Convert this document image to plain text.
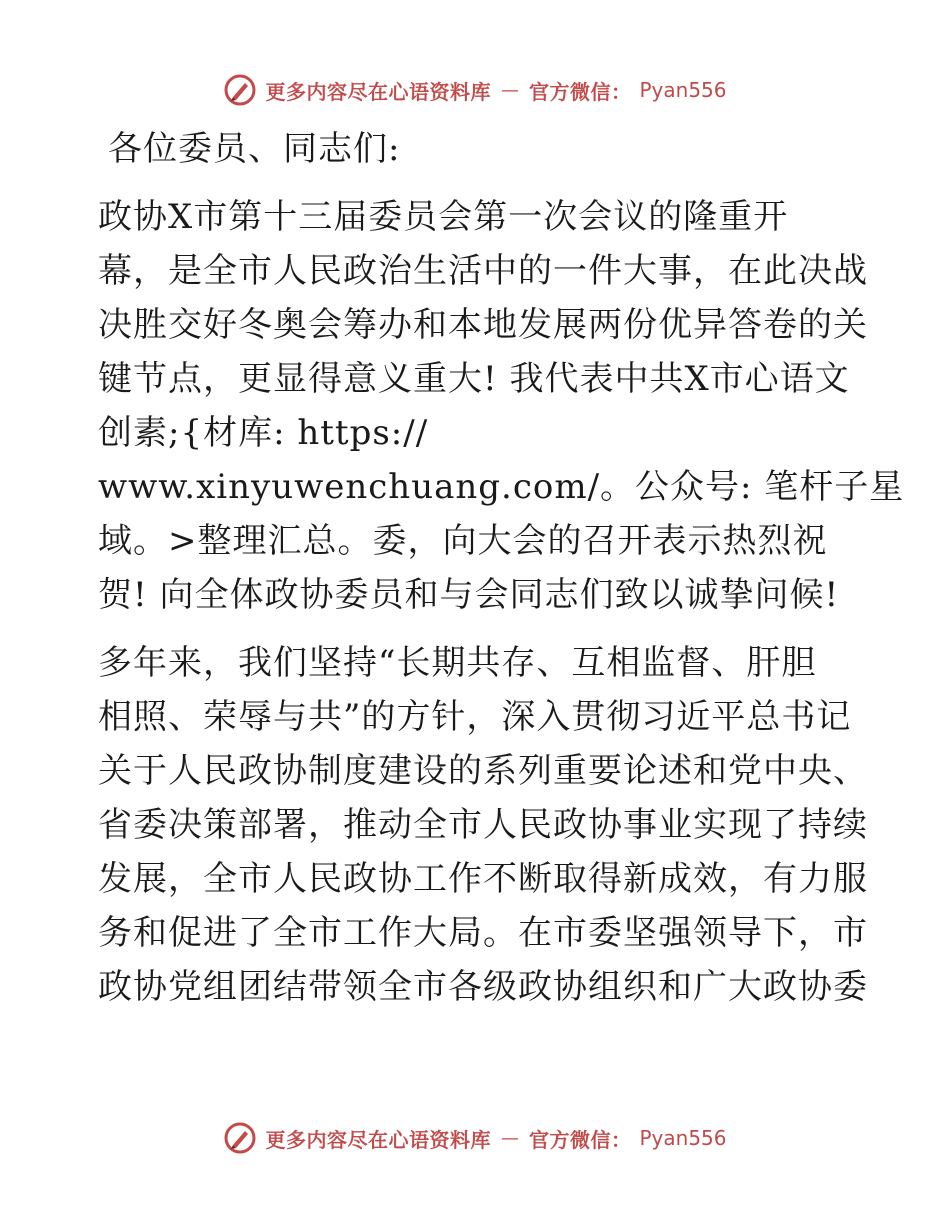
更多内容尽在心语资料库 — 官方微信： Pyan556

各位委员、同志们:

政协X市第十三届委员会第一次会议的隆重开
幕，是全市人民政治生活中的一件大事，在此决战
决胜交好冬奥会筹办和本地发展两份优异答卷的关
键节点，更显得意义重大! 我代表中共X市心语文
创素;{材库: https://
www.xinyuwenchuang.com/。公众号: 笔杆子星
域。>整理汇总。委，向大会的召开表示热烈祝
贺! 向全体政协委员和与会同志们致以诚挚问候!

多年来，我们坚持“长期共存、互相监督、肝胆
相照、荣辱与共”的方针，深入贯彻习近平总书记
关于人民政协制度建设的系列重要论述和党中央、
省委决策部署，推动全市人民政协事业实现了持续
发展，全市人民政协工作不断取得新成效，有力服
务和促进了全市工作大局。在市委坚强领导下，市
政协党组团结带领全市各级政协组织和广大政协委

更多内容尽在心语资料库 — 官方微信： Pyan556
